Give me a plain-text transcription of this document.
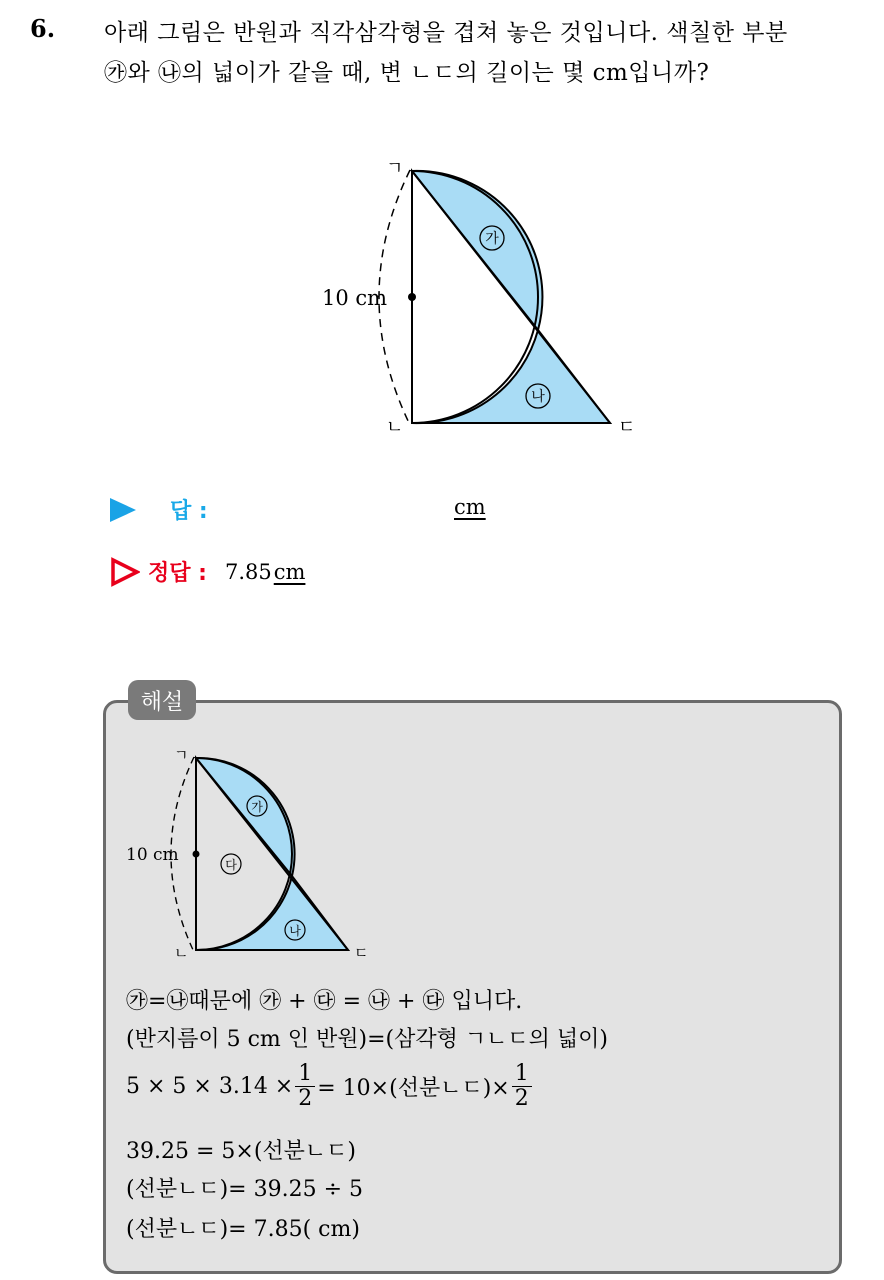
6. 아래 그림은 반원과 직각삼각형을 겹쳐 놓은 것입니다. 색칠한 부분
㉮와 ㉯의 넓이가 같을 때, 변 ㄴㄷ의 길이는 몇 cm입니까?
가
나
ㄱ
ㄴ	ㄷ
10 cm
답 :	cm
정답 : 7.85 cm
해설
가
다
나
ㄱ
ㄴ	ㄷ
10 cm
㉮=㉯때문에 ㉮ + ㉰ = ㉯ + ㉰ 입니다.
(반지름이 5 cm 인 반원)=(삼각형 ㄱㄴㄷ의 넓이)
$5 \times 5 \times 3.14 \times \frac{1}{2} = 10\times$(선분ㄴㄷ)× $\frac{1}{2}$
39.25 = 5×(선분ㄴㄷ)
(선분ㄴㄷ)= 39.25 ÷ 5
(선분ㄴㄷ)= 7.85( cm)
